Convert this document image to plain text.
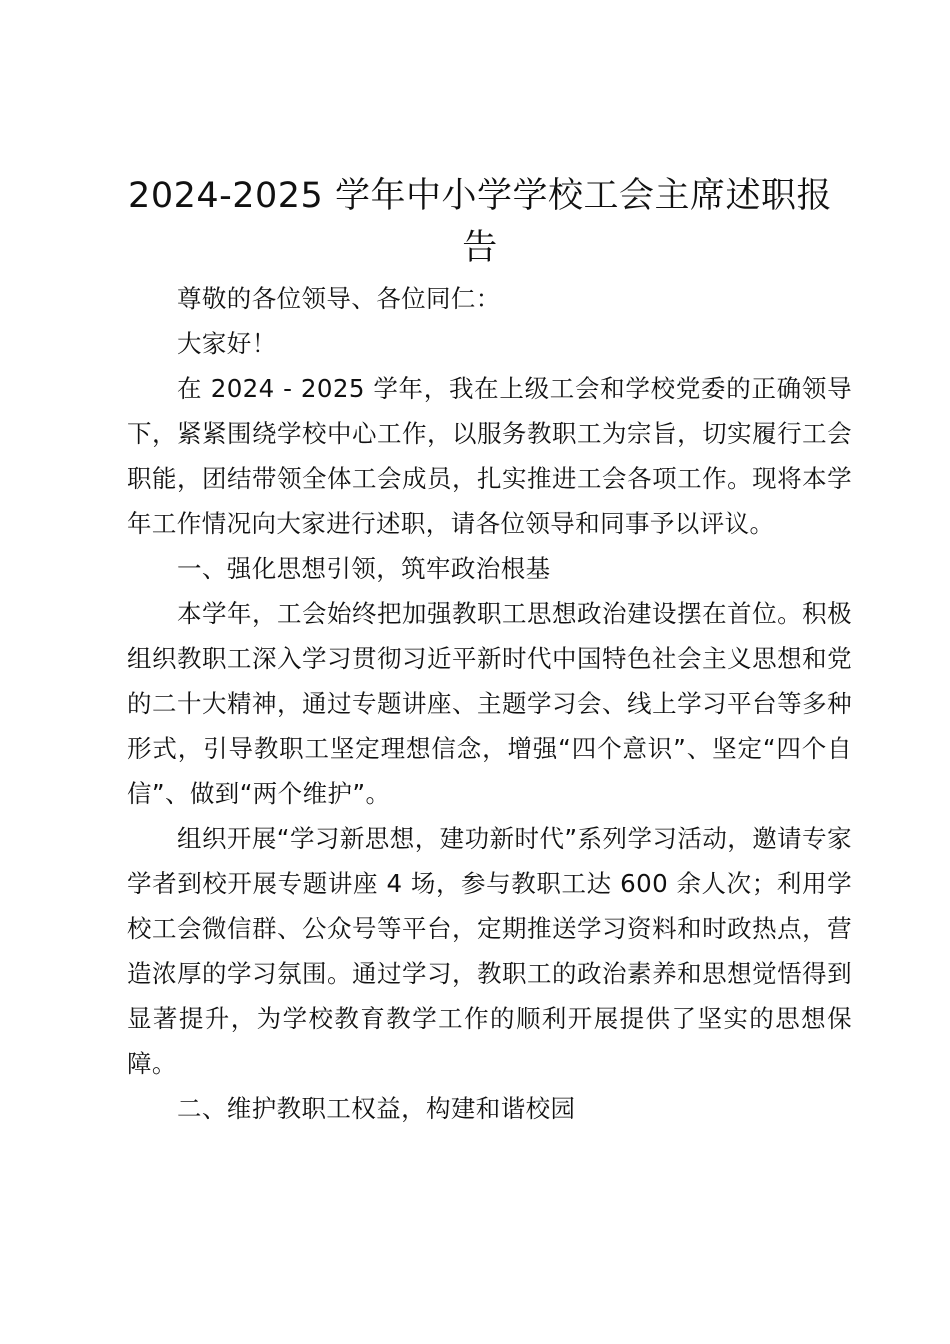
2024-2025 学年中小学学校工会主席述职报
告

尊敬的各位领导、各位同仁：

大家好！

在 2024 - 2025 学年，我在上级工会和学校党委的正确领导下，紧紧围绕学校中心工作，以服务教职工为宗旨，切实履行工会职能，团结带领全体工会成员，扎实推进工会各项工作。现将本学年工作情况向大家进行述职，请各位领导和同事予以评议。

一、强化思想引领，筑牢政治根基

本学年，工会始终把加强教职工思想政治建设摆在首位。积极组织教职工深入学习贯彻习近平新时代中国特色社会主义思想和党的二十大精神，通过专题讲座、主题学习会、线上学习平台等多种形式，引导教职工坚定理想信念，增强“四个意识”、坚定“四个自信”、做到“两个维护”。

组织开展“学习新思想，建功新时代”系列学习活动，邀请专家学者到校开展专题讲座 4 场，参与教职工达 600 余人次；利用学校工会微信群、公众号等平台，定期推送学习资料和时政热点，营造浓厚的学习氛围。通过学习，教职工的政治素养和思想觉悟得到显著提升，为学校教育教学工作的顺利开展提供了坚实的思想保障。

二、维护教职工权益，构建和谐校园
